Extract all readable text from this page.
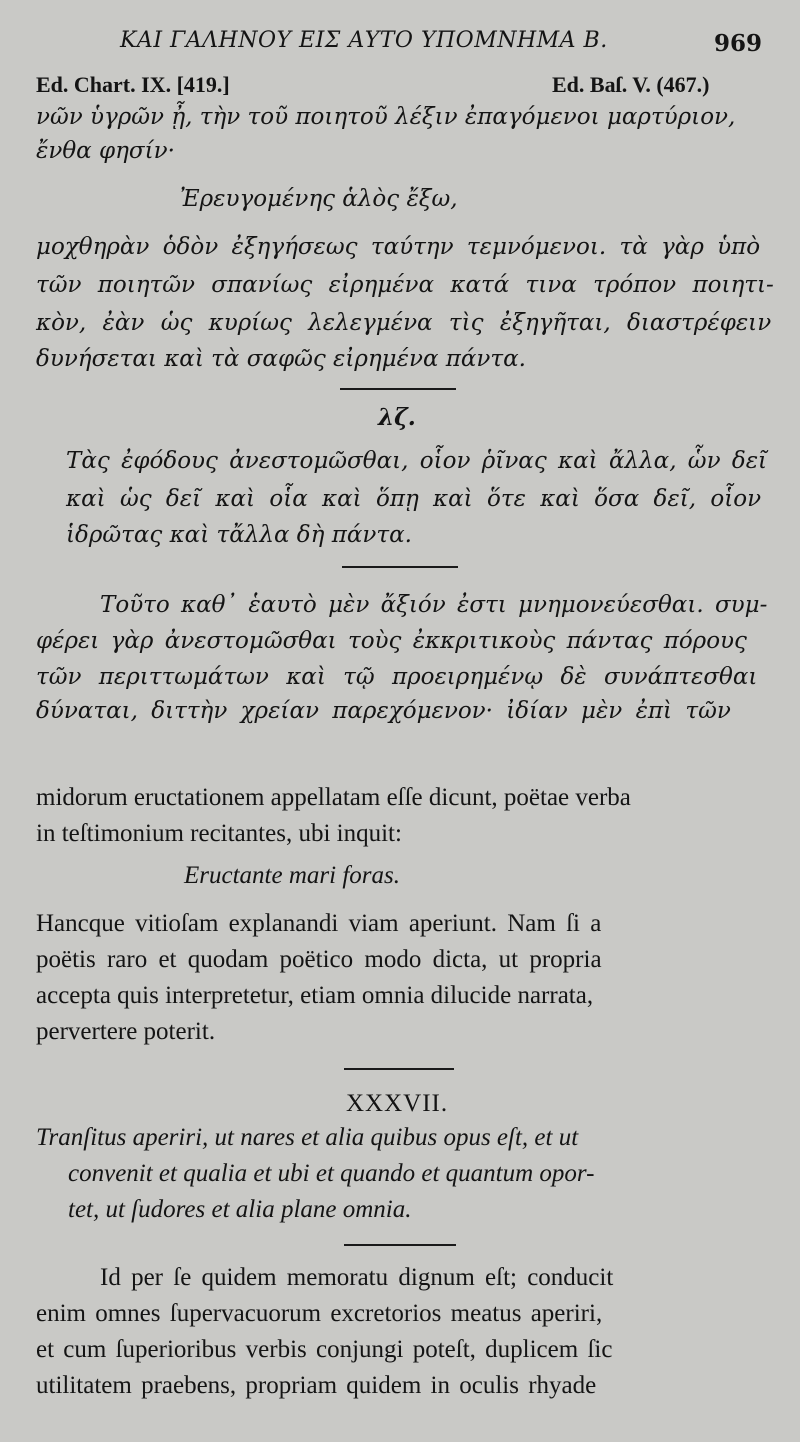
ΚΑΙ ΓΑΛΗΝΟΥ ΕΙΣ ΑΥΤΟ ΥΠΟΜΝΗΜΑ Β.	969
Ed. Chart. IX. [419.]	Ed. Baſ. V. (467.)
νῶν ὑγρῶν ᾖ, τὴν τοῦ ποιητοῦ λέξιν ἐπαγόμενοι μαρτύριον,
ἔνθα φησίν·
Ἐρευγομένης ἁλὸς ἔξω,
μοχθηρὰν ὁδὸν ἐξηγήσεως ταύτην τεμνόμενοι. τὰ γὰρ ὑπὸ
τῶν ποιητῶν σπανίως εἰρημένα κατά τινα τρόπον ποιητι-
κὸν, ἐὰν ὡς κυρίως λελεγμένα τὶς ἐξηγῆται, διαστρέφειν
δυνήσεται καὶ τὰ σαφῶς εἰρημένα πάντα.
λζ.
Τὰς ἐφόδους ἀνεστομῶσθαι, οἷον ῥῖνας καὶ ἄλλα, ὧν δεῖ
καὶ ὡς δεῖ καὶ οἷα καὶ ὅπῃ καὶ ὅτε καὶ ὅσα δεῖ, οἷον
ἱδρῶτας καὶ τἄλλα δὴ πάντα.
Τοῦτο καθ᾽ ἑαυτὸ μὲν ἄξιόν ἐστι μνημονεύεσθαι. συμ-
φέρει γὰρ ἀνεστομῶσθαι τοὺς ἐκκριτικοὺς πάντας πόρους
τῶν περιττωμάτων καὶ τῷ προειρημένῳ δὲ συνάπτεσθαι
δύναται, διττὴν χρείαν παρεχόμενον· ἰδίαν μὲν ἐπὶ τῶν
midorum eructationem appellatam eſſe dicunt, poëtae verba
in teſtimonium recitantes, ubi inquit:
Eructante mari foras.
Hancque vitioſam explanandi viam aperiunt. Nam ſi a
poëtis raro et quodam poëtico modo dicta, ut propria
accepta quis interpretetur, etiam omnia dilucide narrata,
pervertere poterit.
XXXVII.
Tranſitus aperiri, ut nares et alia quibus opus eſt, et ut
convenit et qualia et ubi et quando et quantum opor-
tet, ut ſudores et alia plane omnia.
Id per ſe quidem memoratu dignum eſt; conducit
enim omnes ſupervacuorum excretorios meatus aperiri,
et cum ſuperioribus verbis conjungi poteſt, duplicem ſic
utilitatem praebens, propriam quidem in oculis rhyade
